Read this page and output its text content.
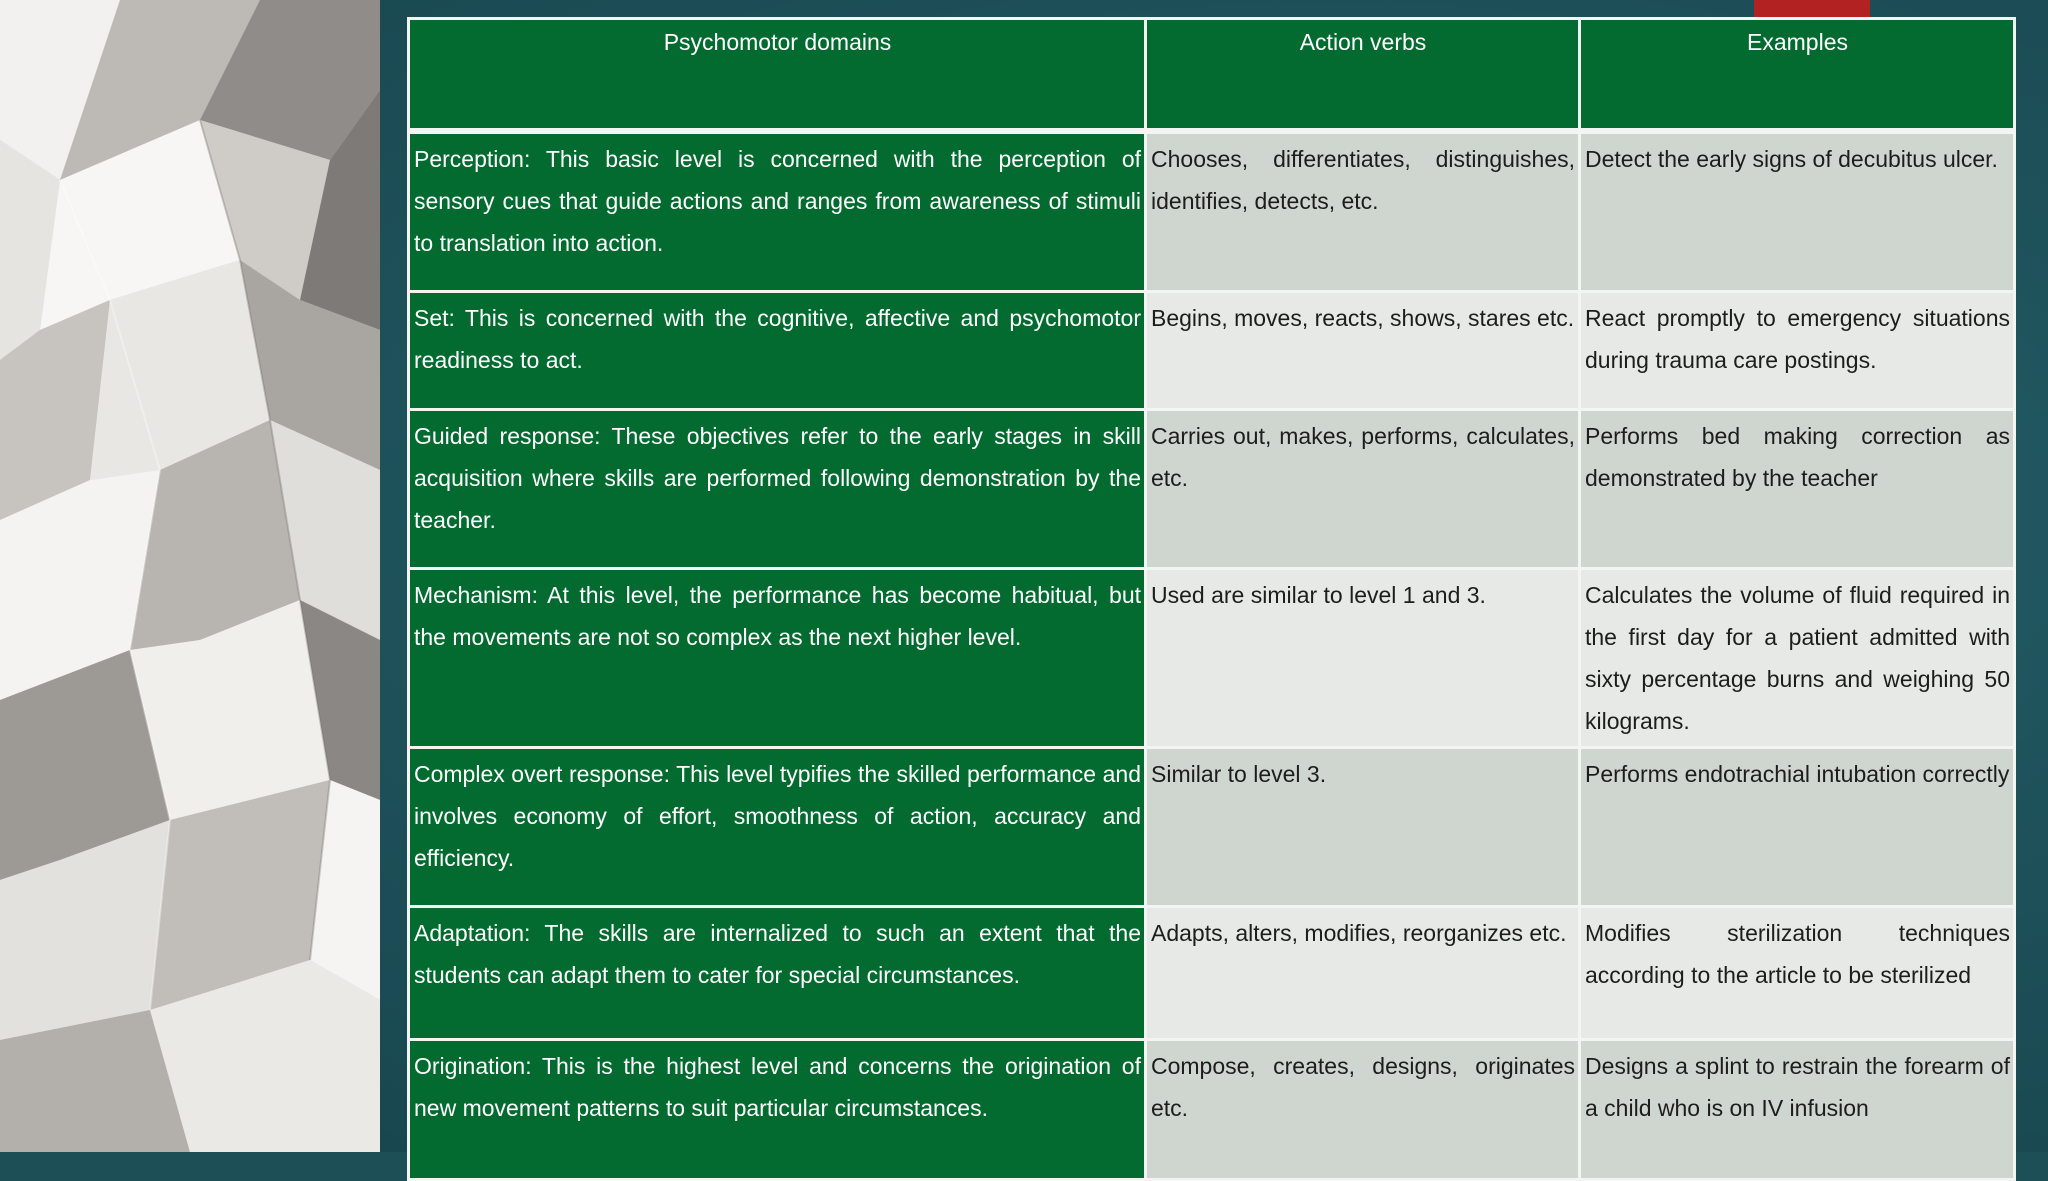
Psychomotor domains	Action verbs	Examples
Perception: This basic level is concerned with the perception of sensory cues that guide actions and ranges from awareness of stimuli to translation into action.	Chooses, differentiates, distinguishes, identifies, detects, etc.	Detect the early signs of decubitus ulcer.
Set: This is concerned with the cognitive, affective and psychomotor readiness to act.	Begins, moves, reacts, shows, stares etc.	React promptly to emergency situations during trauma care postings.
Guided response: These objectives refer to the early stages in skill acquisition where skills are performed following demonstration by the teacher.	Carries out, makes, performs, calculates, etc.	Performs bed making correction as demonstrated by the teacher
Mechanism: At this level, the performance has become habitual, but the movements are not so complex as the next higher level.	Used are similar to level 1 and 3.	Calculates the volume of fluid required in the first day for a patient admitted with sixty percentage burns and weighing 50 kilograms.
Complex overt response: This level typifies the skilled performance and involves economy of effort, smoothness of action, accuracy and efficiency.	Similar to level 3.	Performs endotrachial intubation correctly
Adaptation: The skills are internalized to such an extent that the students can adapt them to cater for special circumstances.	Adapts, alters, modifies, reorganizes etc.	Modifies sterilization techniques according to the article to be sterilized
Origination: This is the highest level and concerns the origination of new movement patterns to suit particular circumstances.	Compose, creates, designs, originates etc.	Designs a splint to restrain the forearm of a child who is on IV infusion
